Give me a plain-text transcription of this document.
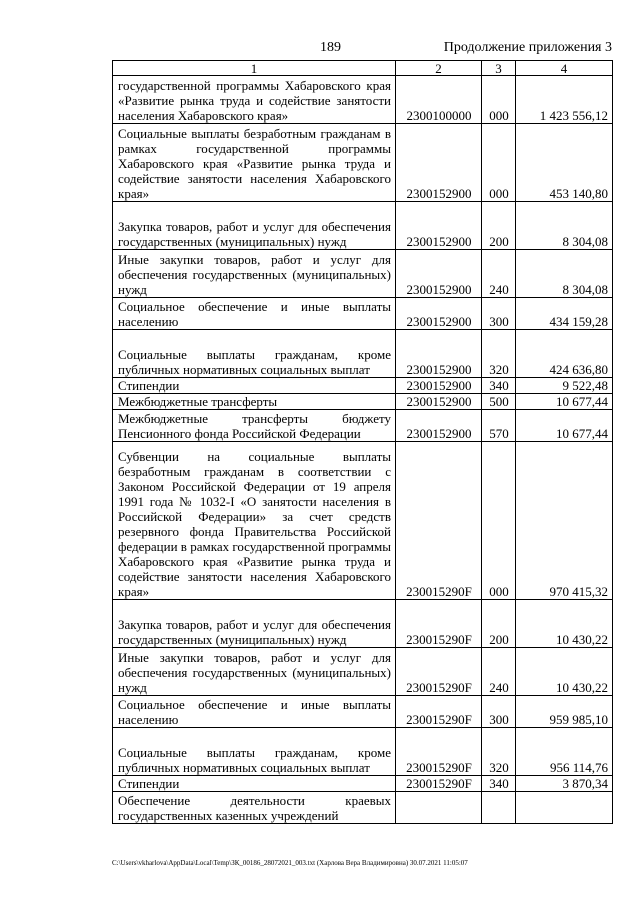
189	Продолжение приложения 3
1	2	3	4
государственной программы Хабаровского края «Развитие рынка труда и содействие занятости населения Хабаровского края»	2300100000	000	1 423 556,12
Социальные выплаты безработным гражданам в рамках государственной программы Хабаровского края «Развитие рынка труда и содействие занятости населения Хабаровского края»	2300152900	000	453 140,80
Закупка товаров, работ и услуг для обеспечения государственных (муниципальных) нужд	2300152900	200	8 304,08
Иные закупки товаров, работ и услуг для обеспечения государственных (муниципальных) нужд	2300152900	240	8 304,08
Социальное обеспечение и иные выплаты населению	2300152900	300	434 159,28
Социальные выплаты гражданам, кроме публичных нормативных социальных выплат	2300152900	320	424 636,80
Стипендии	2300152900	340	9 522,48
Межбюджетные трансферты	2300152900	500	10 677,44
Межбюджетные трансферты бюджету Пенсионного фонда Российской Федерации	2300152900	570	10 677,44
Субвенции на социальные выплаты безработным гражданам в соответствии с Законом Российской Федерации от 19 апреля 1991 года № 1032-I «О занятости населения в Российской Федерации» за счет средств резервного фонда Правительства Российской федерации в рамках государственной программы Хабаровского края «Развитие рынка труда и содействие занятости населения Хабаровского края»	230015290F	000	970 415,32
Закупка товаров, работ и услуг для обеспечения государственных (муниципальных) нужд	230015290F	200	10 430,22
Иные закупки товаров, работ и услуг для обеспечения государственных (муниципальных) нужд	230015290F	240	10 430,22
Социальное обеспечение и иные выплаты населению	230015290F	300	959 985,10
Социальные выплаты гражданам, кроме публичных нормативных социальных выплат	230015290F	320	956 114,76
Стипендии	230015290F	340	3 870,34
Обеспечение деятельности краевых государственных казенных учреждений			
C:\Users\vkharlova\AppData\Local\Temp\ЗК_00186_28072021_003.txt (Харлова Вера Владимировна) 30.07.2021 11:05:07
